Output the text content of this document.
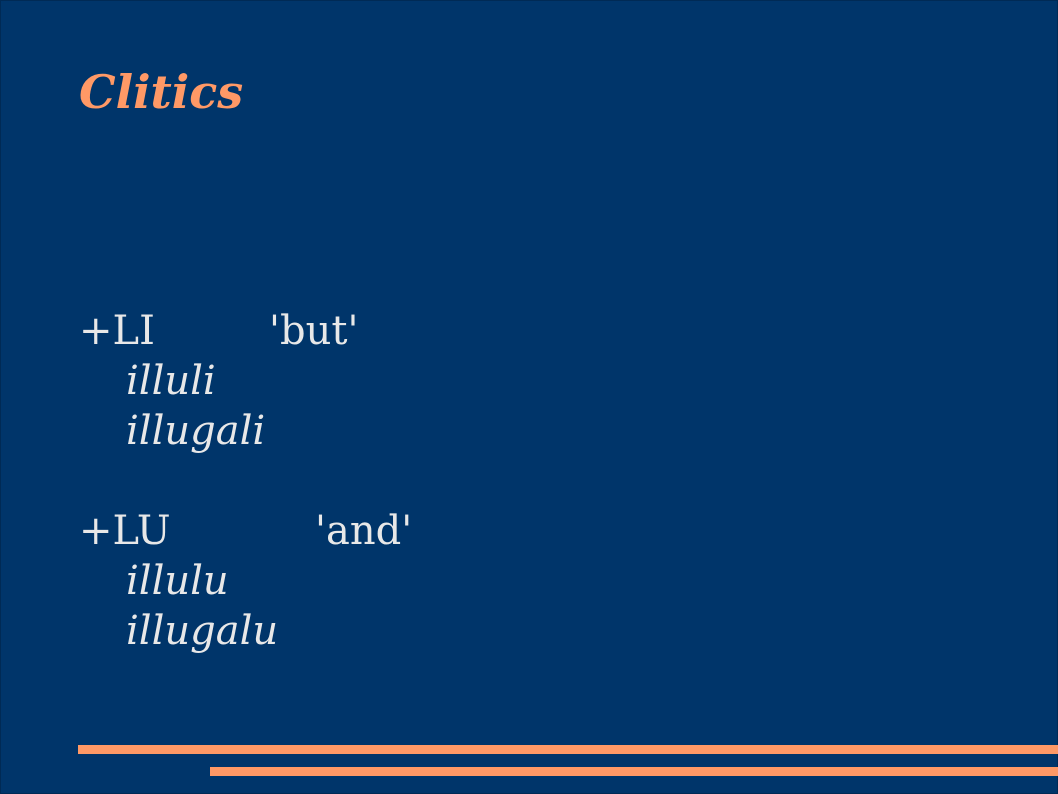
Clitics
+LI	'but'
illuli
illugali
+LU	'and'
illulu
illugalu
